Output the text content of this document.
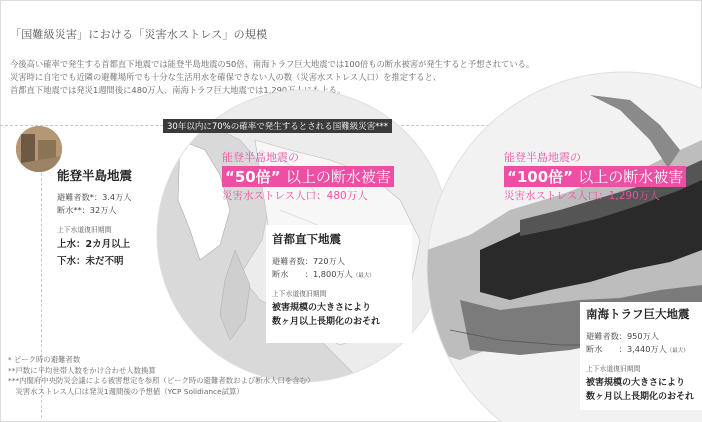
「国難級災害」における「災害水ストレス」の規模
今後高い確率で発生する首都直下地震では能登半島地震の50倍、南海トラフ巨大地震では100倍もの断水被害が発生すると予想されている。
災害時に自宅でも近隣の避難場所でも十分な生活用水を確保できない人の数（災害水ストレス人口）を推定すると、
首都直下地震では発災1週間後に480万人、南海トラフ巨大地震では1,290万人にも上る。
30年以内に70%の確率で発生するとされる国難級災害***
能登半島地震
避難者数*：3.4万人
断水**：32万人
上下水道復旧期間
上水：2カ月以上
下水：未だ不明
能登半島地震の
“50倍” 以上の断水被害
災害水ストレス人口：480万人
首都直下地震
避難者数：720万人
断水　　：1,800万人（最大）
上下水道復旧期間
被害規模の大きさにより
数ヶ月以上長期化のおそれ
能登半島地震の
“100倍” 以上の断水被害
災害水ストレス人口：1,290万人
南海トラフ巨大地震
避難者数：950万人
断水　　：3,440万人（最大）
上下水道復旧期間
被害規模の大きさにより
数ヶ月以上長期化のおそれ
* ピーク時の避難者数
**戸数に平均世帯人数をかけ合わせ人数換算
***内閣府中央防災会議による被害想定を参照（ピーク時の避難者数および断水人口を含む）
　災害水ストレス人口は発災1週間後の予想値（YCP Solidiance試算）
